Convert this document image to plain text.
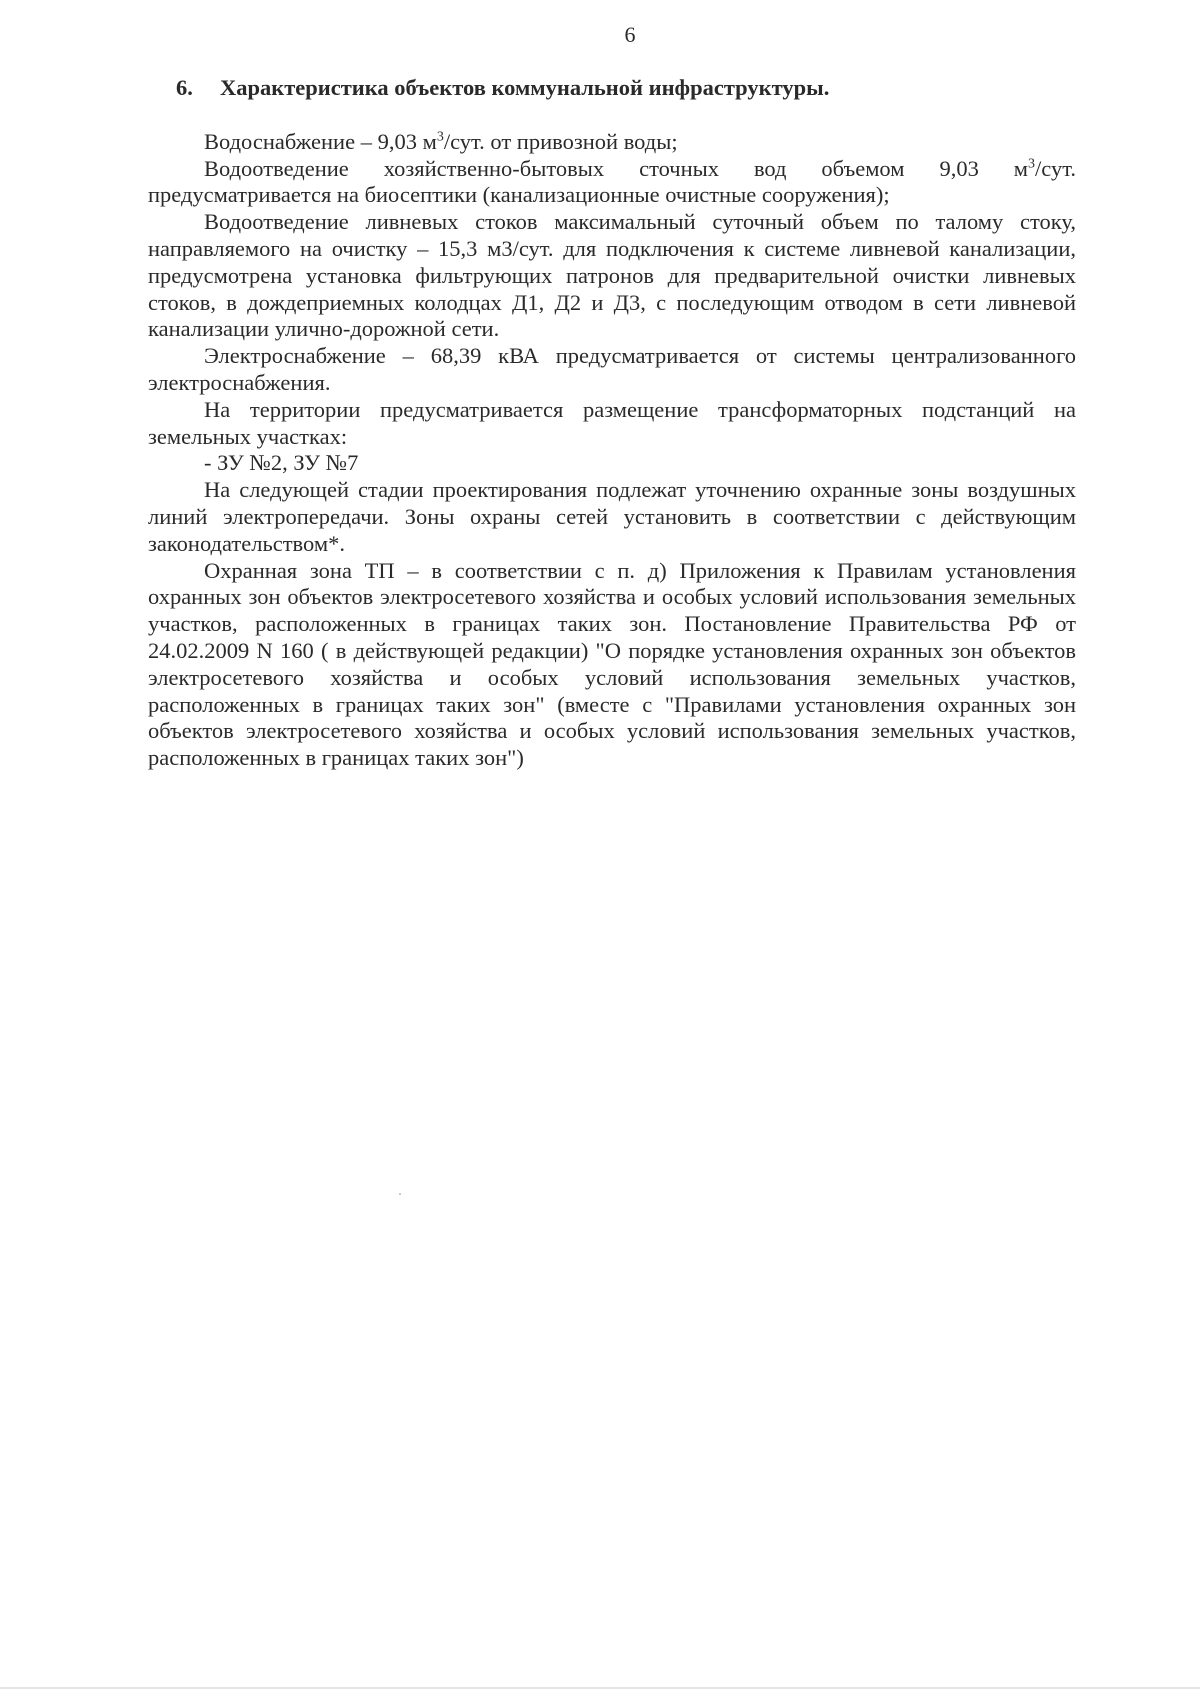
6
6. Характеристика объектов коммунальной инфраструктуры.

Водоснабжение – 9,03 $м^3$/сут. от привозной воды;

Водоотведение хозяйственно-бытовых сточных вод объемом 9,03 $м^3$/сут. предусматривается на биосептики (канализационные очистные сооружения);

Водоотведение ливневых стоков максимальный суточный объем по талому стоку, направляемого на очистку – 15,3 м3/сут. для подключения к системе ливневой канализации, предусмотрена установка фильтрующих патронов для предварительной очистки ливневых стоков, в дождеприемных колодцах Д1, Д2 и Д3, с последующим отводом в сети ливневой канализации улично-дорожной сети.

Электроснабжение – 68,39 кВА предусматривается от системы централизованного электроснабжения.

На территории предусматривается размещение трансформаторных подстанций на земельных участках:

- ЗУ №2, ЗУ №7

На следующей стадии проектирования подлежат уточнению охранные зоны воздушных линий электропередачи. Зоны охраны сетей установить в соответствии с действующим законодательством*.

Охранная зона ТП – в соответствии с п. д) Приложения к Правилам установления охранных зон объектов электросетевого хозяйства и особых условий использования земельных участков, расположенных в границах таких зон. Постановление Правительства РФ от 24.02.2009 N 160 ( в действующей редакции) "О порядке установления охранных зон объектов электросетевого хозяйства и особых условий использования земельных участков, расположенных в границах таких зон" (вместе с "Правилами установления охранных зон объектов электросетевого хозяйства и особых условий использования земельных участков, расположенных в границах таких зон")
